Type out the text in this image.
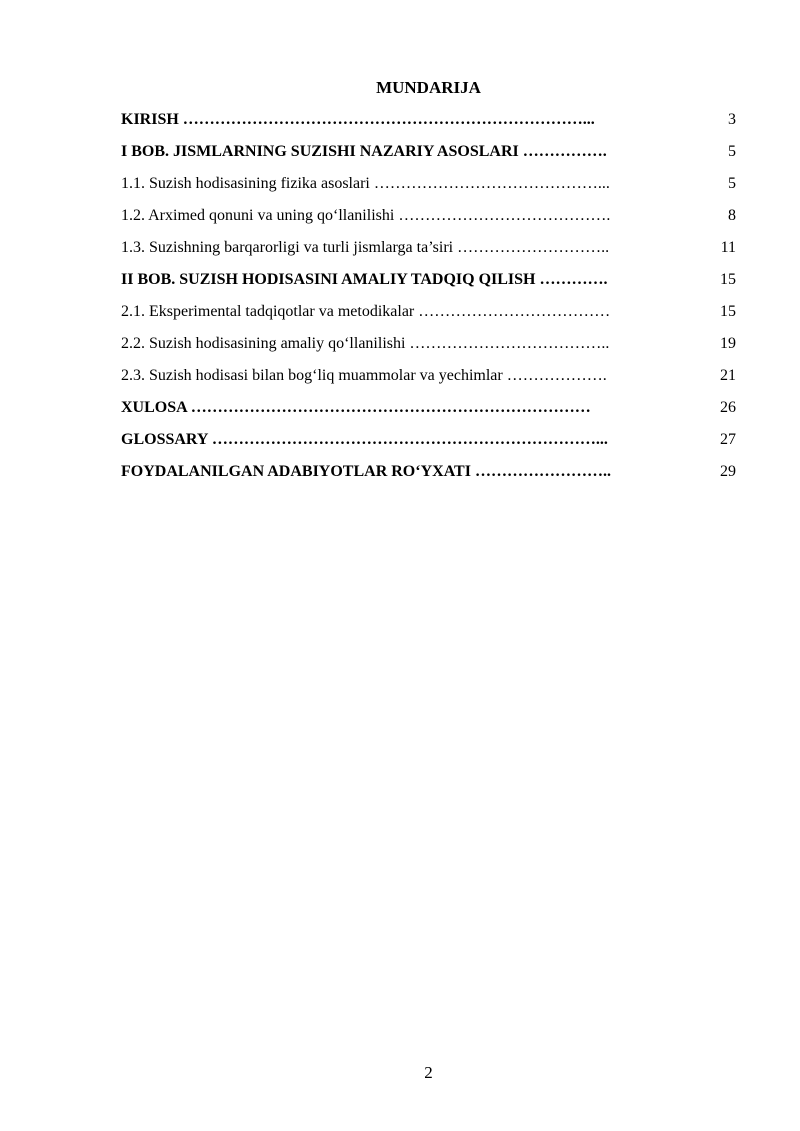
MUNDARIJA
KIRISH …………………………………………………………………...	3
I BOB. JISMLARNING SUZISHI NAZARIY ASOSLARI …………….	5
1.1. Suzish hodisasining fizika asoslari ……………………………………...	5
1.2. Arximed qonuni va uning qo‘llanilishi ………………………………….	8
1.3. Suzishning barqarorligi va turli jismlarga ta’siri ………………………..	11
II BOB. SUZISH HODISASINI AMALIY TADQIQ QILISH ………….	15
2.1. Eksperimental tadqiqotlar va metodikalar ………………………………	15
2.2. Suzish hodisasining amaliy qo‘llanilishi ………………………………..	19
2.3. Suzish hodisasi bilan bog‘liq muammolar va yechimlar ……………….	21
XULOSA …………………………………………………………………	26
GLOSSARY ………………………………………………………………...	27
FOYDALANILGAN ADABIYOTLAR RO‘YXATI ……………………..	29
2
